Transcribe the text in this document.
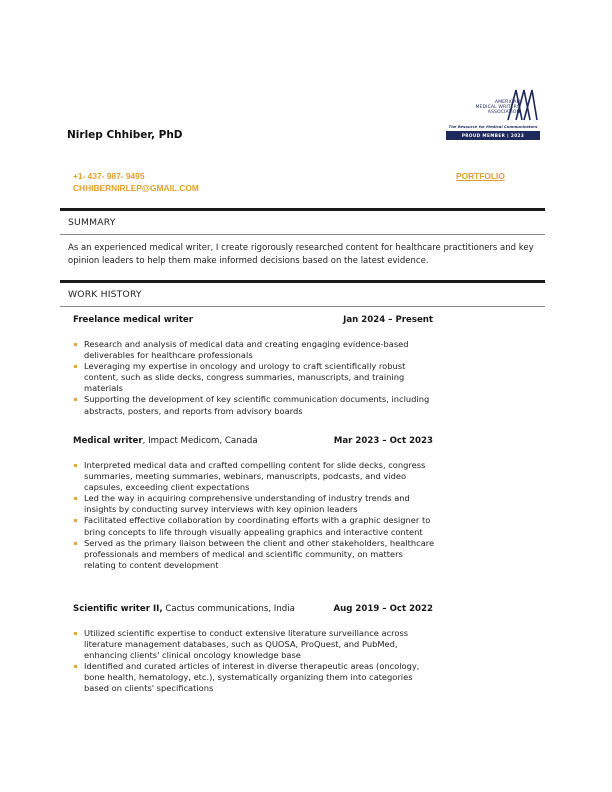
AMERICAN
MEDICAL WRITERS
ASSOCIATION
The Resource for Medical Communicators
PROUD MEMBER | 2023
Nirlep Chhiber, PhD
+1- 437- 987- 9495
CHHIBERNIRLEP@GMAIL.COM
PORTFOLIO
SUMMARY
As an experienced medical writer, I create rigorously researched content for healthcare practitioners and key opinion leaders to help them make informed decisions based on the latest evidence.
WORK HISTORY
Freelance medical writer	Jan 2024 – Present
Research and analysis of medical data and creating engaging evidence-based deliverables for healthcare professionals
Leveraging my expertise in oncology and urology to craft scientifically robust content, such as slide decks, congress summaries, manuscripts, and training materials
Supporting the development of key scientific communication documents, including abstracts, posters, and reports from advisory boards
Medical writer, Impact Medicom, Canada	Mar 2023 – Oct 2023
Interpreted medical data and crafted compelling content for slide decks, congress summaries, meeting summaries, webinars, manuscripts, podcasts, and video capsules, exceeding client expectations
Led the way in acquiring comprehensive understanding of industry trends and insights by conducting survey interviews with key opinion leaders
Facilitated effective collaboration by coordinating efforts with a graphic designer to bring concepts to life through visually appealing graphics and interactive content
Served as the primary liaison between the client and other stakeholders, healthcare professionals and members of medical and scientific community, on matters relating to content development
Scientific writer II, Cactus communications, India	Aug 2019 – Oct 2022
Utilized scientific expertise to conduct extensive literature surveillance across literature management databases, such as QUOSA, ProQuest, and PubMed, enhancing clients' clinical oncology knowledge base
Identified and curated articles of interest in diverse therapeutic areas (oncology, bone health, hematology, etc.), systematically organizing them into categories based on clients' specifications
